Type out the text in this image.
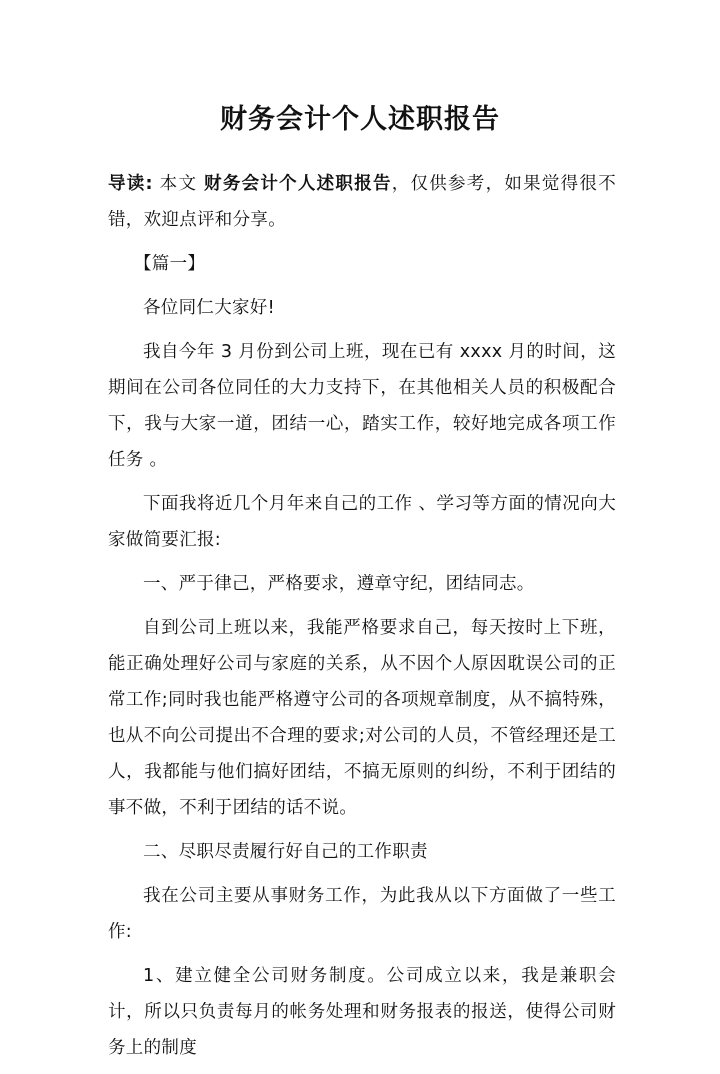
财务会计个人述职报告

导读: 本文 财务会计个人述职报告，仅供参考，如果觉得很不错，欢迎点评和分享。

【篇一】

各位同仁大家好!

我自今年 3 月份到公司上班，现在已有 xxxx 月的时间，这期间在公司各位同任的大力支持下，在其他相关人员的积极配合下，我与大家一道，团结一心，踏实工作，较好地完成各项工作任务 。

下面我将近几个月年来自己的工作 、学习等方面的情况向大家做简要汇报:

一、严于律己，严格要求，遵章守纪，团结同志。

自到公司上班以来，我能严格要求自己，每天按时上下班，能正确处理好公司与家庭的关系，从不因个人原因耽误公司的正常工作;同时我也能严格遵守公司的各项规章制度，从不搞特殊，也从不向公司提出不合理的要求;对公司的人员，不管经理还是工人，我都能与他们搞好团结，不搞无原则的纠纷，不利于团结的事不做，不利于团结的话不说。

二、尽职尽责履行好自己的工作职责

我在公司主要从事财务工作，为此我从以下方面做了一些工作:

1、建立健全公司财务制度。公司成立以来，我是兼职会计，所以只负责每月的帐务处理和财务报表的报送，使得公司财务上的制度
